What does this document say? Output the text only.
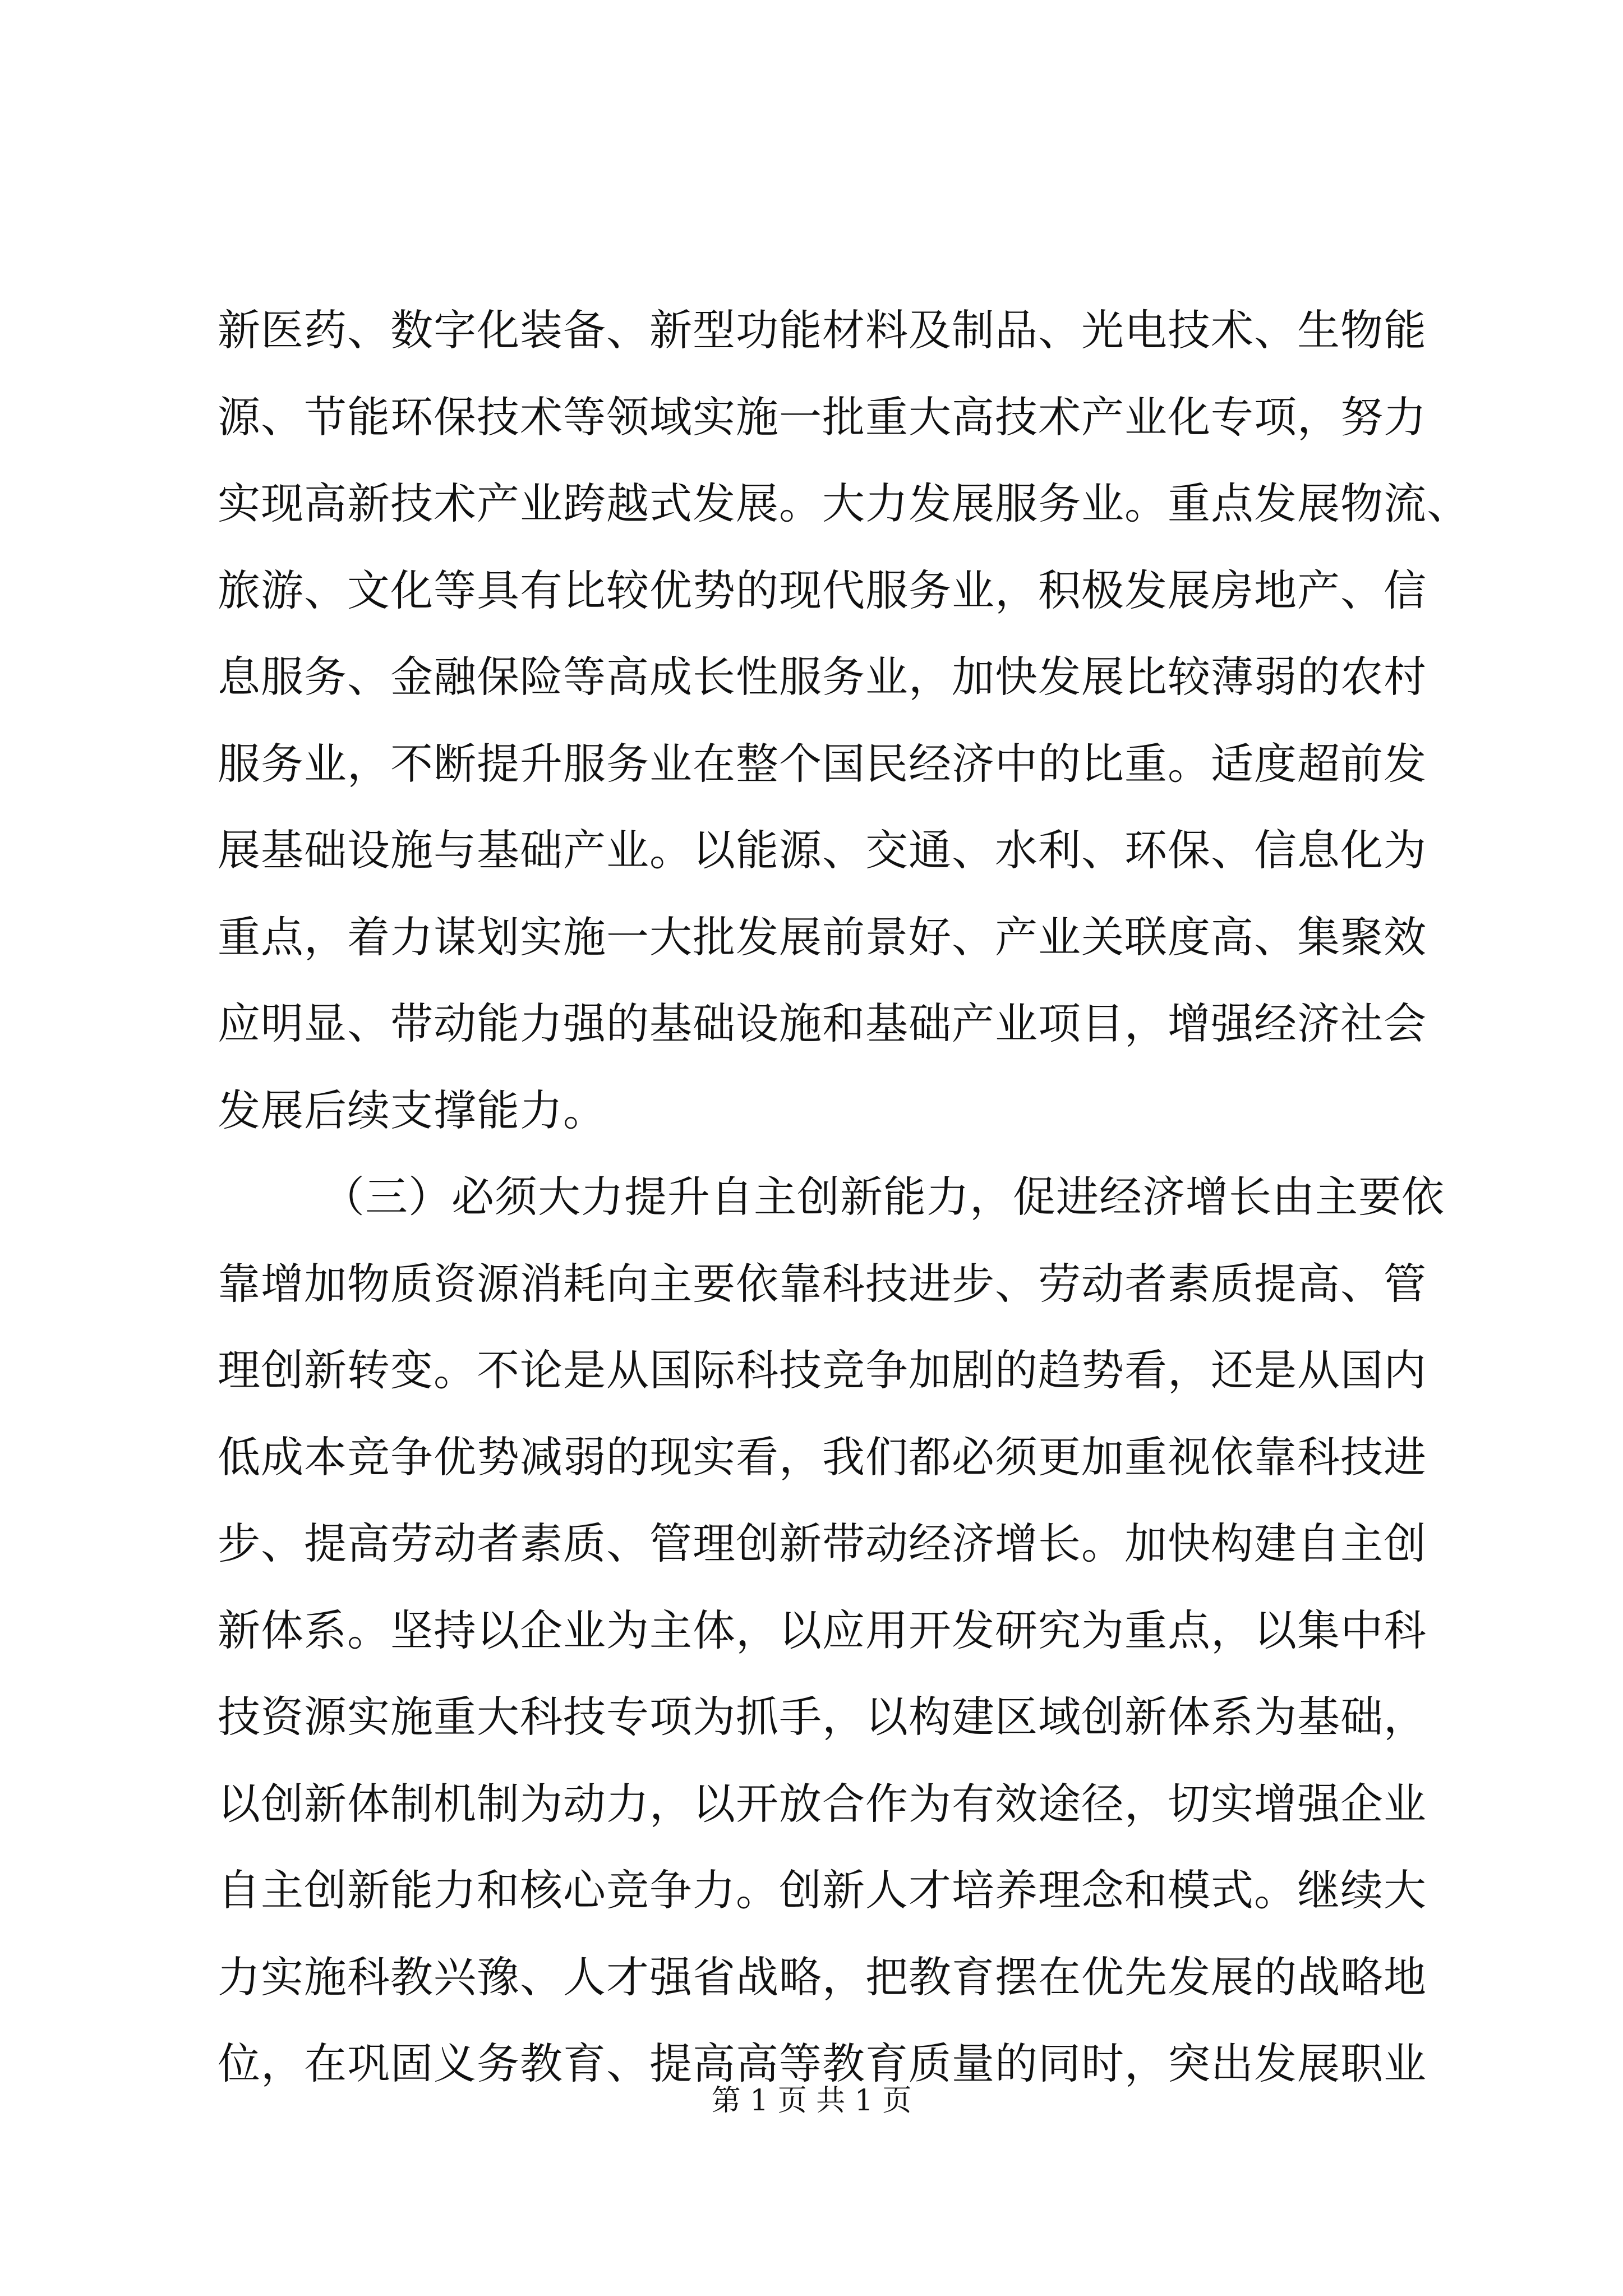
新医药、数字化装备、新型功能材料及制品、光电技术、生物能
源、节能环保技术等领域实施一批重大高技术产业化专项，努力
实现高新技术产业跨越式发展。大力发展服务业。重点发展物流、
旅游、文化等具有比较优势的现代服务业，积极发展房地产、信
息服务、金融保险等高成长性服务业，加快发展比较薄弱的农村
服务业，不断提升服务业在整个国民经济中的比重。适度超前发
展基础设施与基础产业。以能源、交通、水利、环保、信息化为
重点，着力谋划实施一大批发展前景好、产业关联度高、集聚效
应明显、带动能力强的基础设施和基础产业项目，增强经济社会
发展后续支撑能力。
（三）必须大力提升自主创新能力，促进经济增长由主要依
靠增加物质资源消耗向主要依靠科技进步、劳动者素质提高、管
理创新转变。不论是从国际科技竞争加剧的趋势看，还是从国内
低成本竞争优势减弱的现实看，我们都必须更加重视依靠科技进
步、提高劳动者素质、管理创新带动经济增长。加快构建自主创
新体系。坚持以企业为主体，以应用开发研究为重点，以集中科
技资源实施重大科技专项为抓手，以构建区域创新体系为基础，
以创新体制机制为动力，以开放合作为有效途径，切实增强企业
自主创新能力和核心竞争力。创新人才培养理念和模式。继续大
力实施科教兴豫、人才强省战略，把教育摆在优先发展的战略地
位，在巩固义务教育、提高高等教育质量的同时，突出发展职业
第 1 页 共 1 页
